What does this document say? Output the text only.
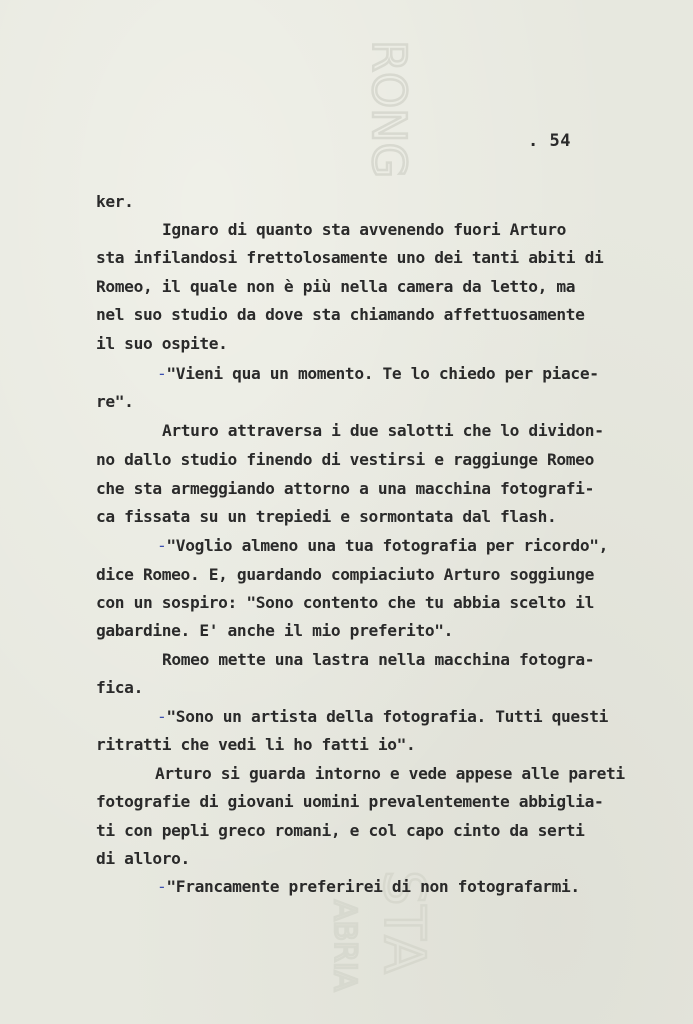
RONG
STA
ABRIA
. 54
ker.
Ignaro di quanto sta avvenendo fuori Arturo
sta infilandosi frettolosamente uno dei tanti abiti di
Romeo, il quale non è più nella camera da letto, ma
nel suo studio da dove sta chiamando affettuosamente
il suo ospite.
-"Vieni qua un momento. Te lo chiedo per piace-
re".
Arturo attraversa i due salotti che lo dividon-
no dallo studio finendo di vestirsi e raggiunge Romeo
che sta armeggiando attorno a una macchina fotografi-
ca fissata su un trepiedi e sormontata dal flash.
-"Voglio almeno una tua fotografia per ricordo",
dice Romeo. E, guardando compiaciuto Arturo soggiunge
con un sospiro: "Sono contento che tu abbia scelto il
gabardine. E' anche il mio preferito".
Romeo mette una lastra nella macchina fotogra-
fica.
-"Sono un artista della fotografia. Tutti questi
ritratti che vedi li ho fatti io".
Arturo si guarda intorno e vede appese alle pareti
fotografie di giovani uomini prevalentemente abbiglia-
ti con pepli greco romani, e col capo cinto da serti
di alloro.
-"Francamente preferirei di non fotografarmi.
